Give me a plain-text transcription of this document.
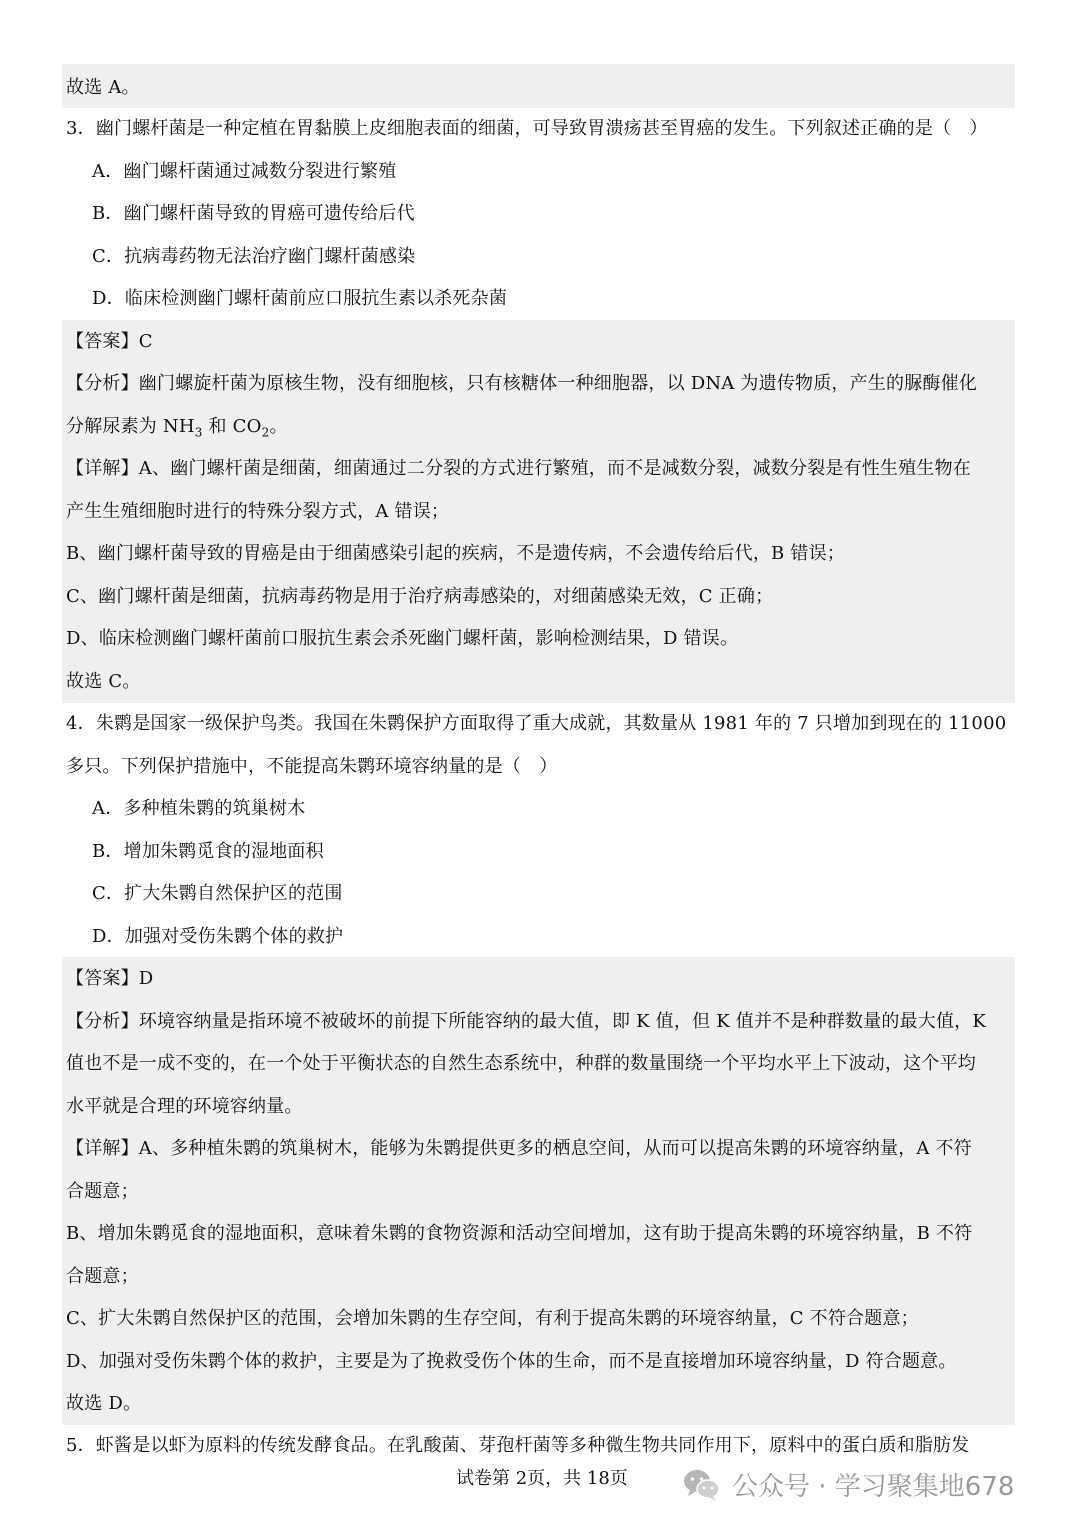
故选 A。
3．幽门螺杆菌是一种定植在胃黏膜上皮细胞表面的细菌，可导致胃溃疡甚至胃癌的发生。下列叙述正确的是（　）
A．幽门螺杆菌通过减数分裂进行繁殖
B．幽门螺杆菌导致的胃癌可遗传给后代
C．抗病毒药物无法治疗幽门螺杆菌感染
D．临床检测幽门螺杆菌前应口服抗生素以杀死杂菌
【答案】C
【分析】幽门螺旋杆菌为原核生物，没有细胞核，只有核糖体一种细胞器，以 DNA 为遗传物质，产生的脲酶催化
分解尿素为 $NH_3$ 和 $CO_2$。
【详解】A、幽门螺杆菌是细菌，细菌通过二分裂的方式进行繁殖，而不是减数分裂，减数分裂是有性生殖生物在
产生生殖细胞时进行的特殊分裂方式，A 错误；
B、幽门螺杆菌导致的胃癌是由于细菌感染引起的疾病，不是遗传病，不会遗传给后代，B 错误；
C、幽门螺杆菌是细菌，抗病毒药物是用于治疗病毒感染的，对细菌感染无效，C 正确；
D、临床检测幽门螺杆菌前口服抗生素会杀死幽门螺杆菌，影响检测结果，D 错误。
故选 C。
4．朱鹮是国家一级保护鸟类。我国在朱鹮保护方面取得了重大成就，其数量从 1981 年的 7 只增加到现在的 11000
多只。下列保护措施中，不能提高朱鹮环境容纳量的是（　）
A．多种植朱鹮的筑巢树木
B．增加朱鹮觅食的湿地面积
C．扩大朱鹮自然保护区的范围
D．加强对受伤朱鹮个体的救护
【答案】D
【分析】环境容纳量是指环境不被破坏的前提下所能容纳的最大值，即 K 值，但 K 值并不是种群数量的最大值，K
值也不是一成不变的，在一个处于平衡状态的自然生态系统中，种群的数量围绕一个平均水平上下波动，这个平均
水平就是合理的环境容纳量。
【详解】A、多种植朱鹮的筑巢树木，能够为朱鹮提供更多的栖息空间，从而可以提高朱鹮的环境容纳量，A 不符
合题意；
B、增加朱鹮觅食的湿地面积，意味着朱鹮的食物资源和活动空间增加，这有助于提高朱鹮的环境容纳量，B 不符
合题意；
C、扩大朱鹮自然保护区的范围，会增加朱鹮的生存空间，有利于提高朱鹮的环境容纳量，C 不符合题意；
D、加强对受伤朱鹮个体的救护，主要是为了挽救受伤个体的生命，而不是直接增加环境容纳量，D 符合题意。
故选 D。
5．虾酱是以虾为原料的传统发酵食品。在乳酸菌、芽孢杆菌等多种微生物共同作用下，原料中的蛋白质和脂肪发
试卷第 2页，共 18页	公众号 · 学习聚集地678
